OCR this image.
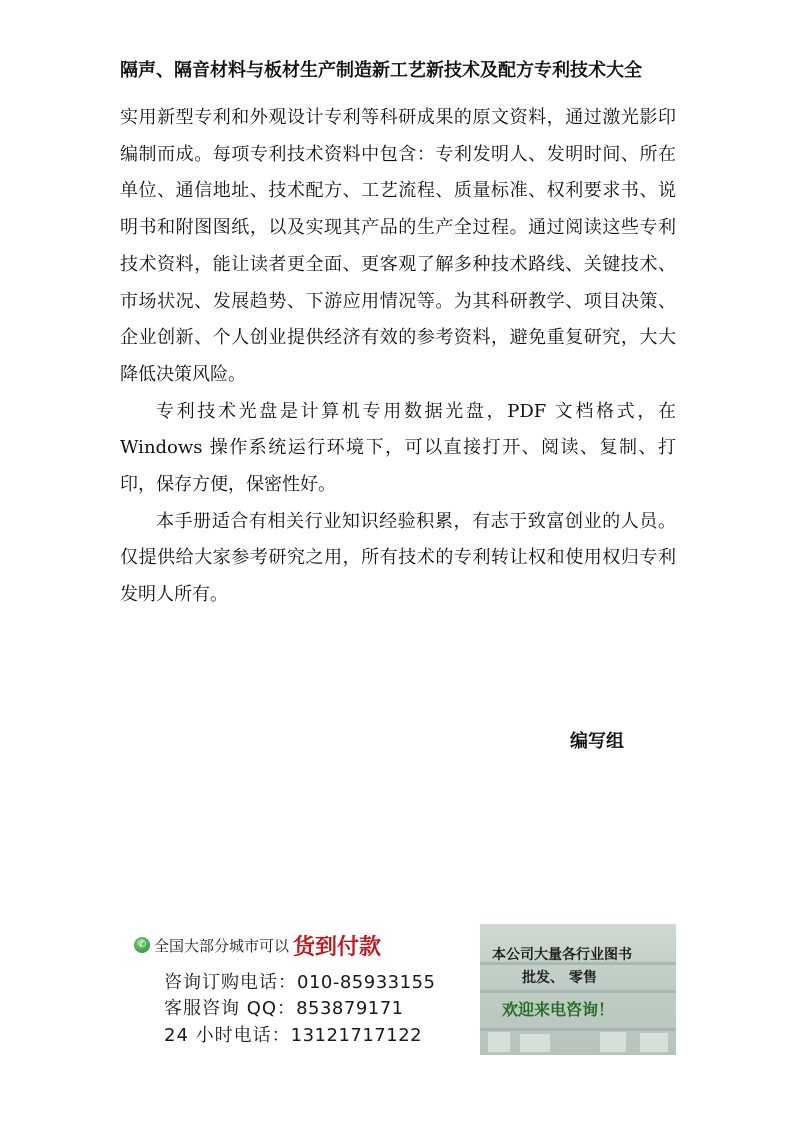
隔声、隔音材料与板材生产制造新工艺新技术及配方专利技术大全

实用新型专利和外观设计专利等科研成果的原文资料，通过激光影印编制而成。每项专利技术资料中包含：专利发明人、发明时间、所在单位、通信地址、技术配方、工艺流程、质量标准、权利要求书、说明书和附图图纸，以及实现其产品的生产全过程。通过阅读这些专利技术资料，能让读者更全面、更客观了解多种技术路线、关键技术、市场状况、发展趋势、下游应用情况等。为其科研教学、项目决策、企业创新、个人创业提供经济有效的参考资料，避免重复研究，大大降低决策风险。

专利技术光盘是计算机专用数据光盘，PDF 文档格式，在 Windows 操作系统运行环境下，可以直接打开、阅读、复制、打印，保存方便，保密性好。

本手册适合有相关行业知识经验积累，有志于致富创业的人员。仅提供给大家参考研究之用，所有技术的专利转让权和使用权归专利发明人所有。

编写组
✆ 全国大部分城市可以 货到付款
咨询订购电话：010-85933155
客服咨询 QQ：853879171
24 小时电话：13121717122
本公司大量各行业图书
批发、 零售
欢迎来电咨询！
